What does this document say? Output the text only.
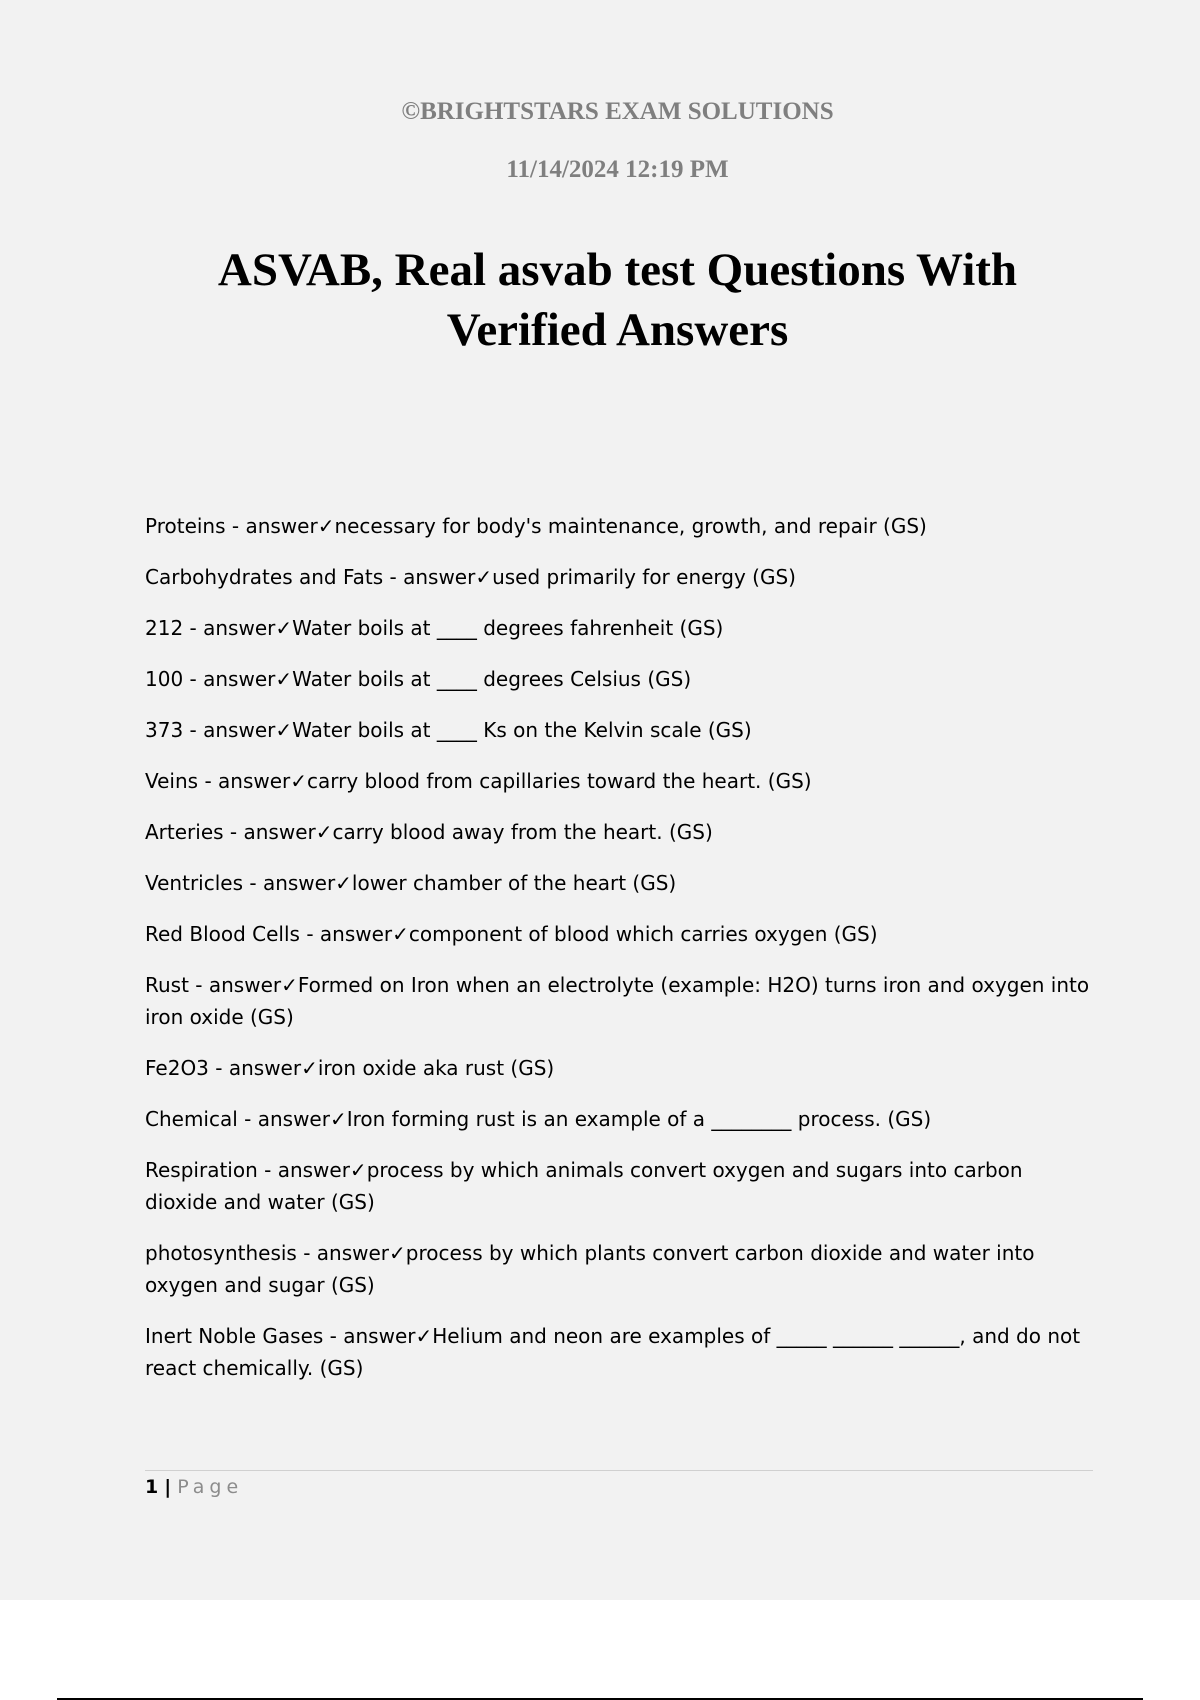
©BRIGHTSTARS EXAM SOLUTIONS

11/14/2024 12:19 PM

ASVAB, Real asvab test Questions With
Verified Answers
Proteins - answer✓necessary for body's maintenance, growth, and repair (GS)
Carbohydrates and Fats - answer✓used primarily for energy (GS)
212 - answer✓Water boils at ____ degrees fahrenheit (GS)
100 - answer✓Water boils at ____ degrees Celsius (GS)
373 - answer✓Water boils at ____ Ks on the Kelvin scale (GS)
Veins - answer✓carry blood from capillaries toward the heart. (GS)
Arteries - answer✓carry blood away from the heart. (GS)
Ventricles - answer✓lower chamber of the heart (GS)
Red Blood Cells - answer✓component of blood which carries oxygen (GS)
Rust - answer✓Formed on Iron when an electrolyte (example: H2O) turns iron and oxygen into iron oxide (GS)
Fe2O3 - answer✓iron oxide aka rust (GS)
Chemical - answer✓Iron forming rust is an example of a ________ process. (GS)
Respiration - answer✓process by which animals convert oxygen and sugars into carbon dioxide and water (GS)
photosynthesis - answer✓process by which plants convert carbon dioxide and water into oxygen and sugar (GS)
Inert Noble Gases - answer✓Helium and neon are examples of _____ ______ ______, and do not react chemically. (GS)

1 | Page
